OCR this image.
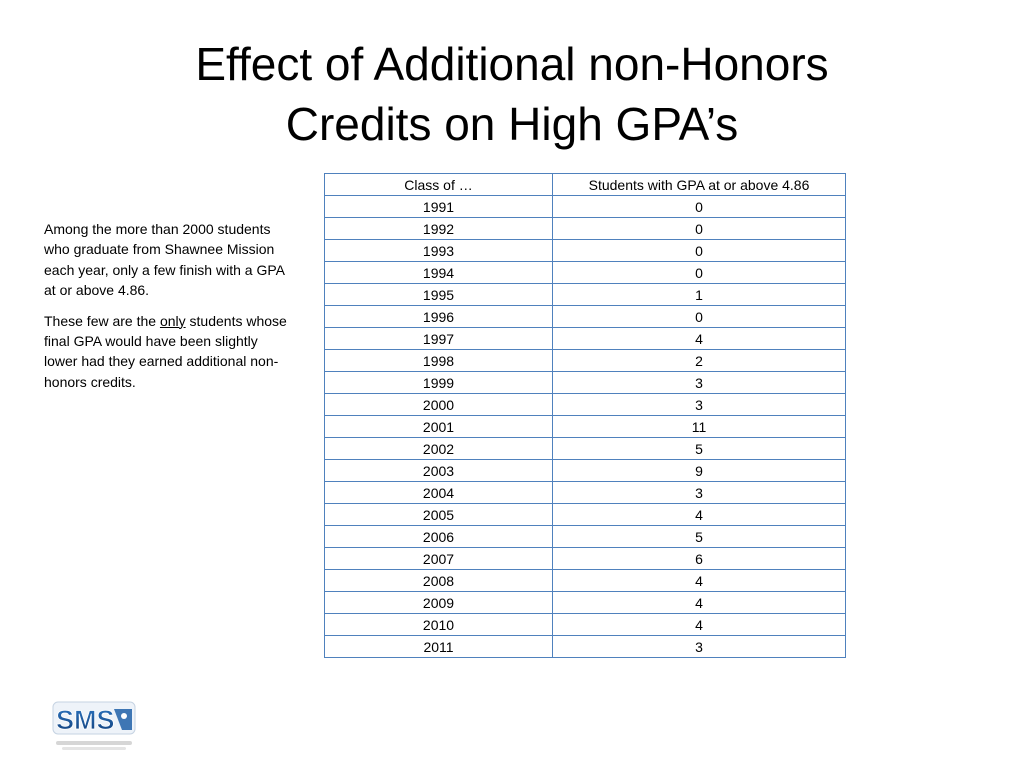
Effect of Additional non-Honors
Credits on High GPA’s

Among the more than 2000 students who graduate from Shawnee Mission each year, only a few finish with a GPA at or above 4.86.

These few are the only students whose final GPA would have been slightly lower had they earned additional non-honors credits.

Class of …	Students with GPA at or above 4.86
1991	0
1992	0
1993	0
1994	0
1995	1
1996	0
1997	4
1998	2
1999	3
2000	3
2001	11
2002	5
2003	9
2004	3
2005	4
2006	5
2007	6
2008	4
2009	4
2010	4
2011	3
SMS
